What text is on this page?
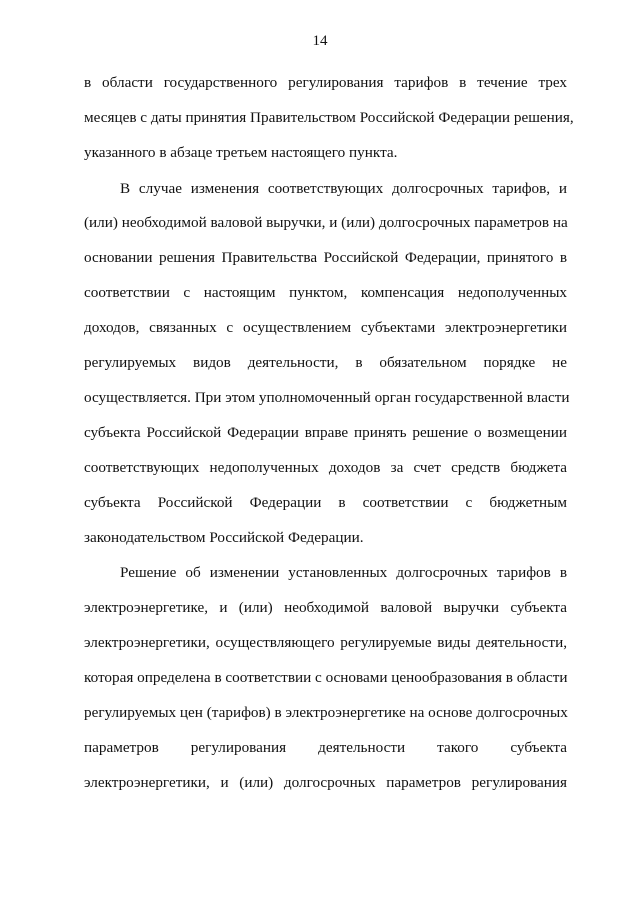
14

в области государственного регулирования тарифов в течение трех
месяцев с даты принятия Правительством Российской Федерации решения,
указанного в абзаце третьем настоящего пункта.

В случае изменения соответствующих долгосрочных тарифов, и
(или) необходимой валовой выручки, и (или) долгосрочных параметров на
основании решения Правительства Российской Федерации, принятого в
соответствии с настоящим пунктом, компенсация недополученных
доходов, связанных с осуществлением субъектами электроэнергетики
регулируемых видов деятельности, в обязательном порядке не
осуществляется. При этом уполномоченный орган государственной власти
субъекта Российской Федерации вправе принять решение о возмещении
соответствующих недополученных доходов за счет средств бюджета
субъекта Российской Федерации в соответствии с бюджетным
законодательством Российской Федерации.

Решение об изменении установленных долгосрочных тарифов в
электроэнергетике, и (или) необходимой валовой выручки субъекта
электроэнергетики, осуществляющего регулируемые виды деятельности,
которая определена в соответствии с основами ценообразования в области
регулируемых цен (тарифов) в электроэнергетике на основе долгосрочных
параметров регулирования деятельности такого субъекта
электроэнергетики, и (или) долгосрочных параметров регулирования
